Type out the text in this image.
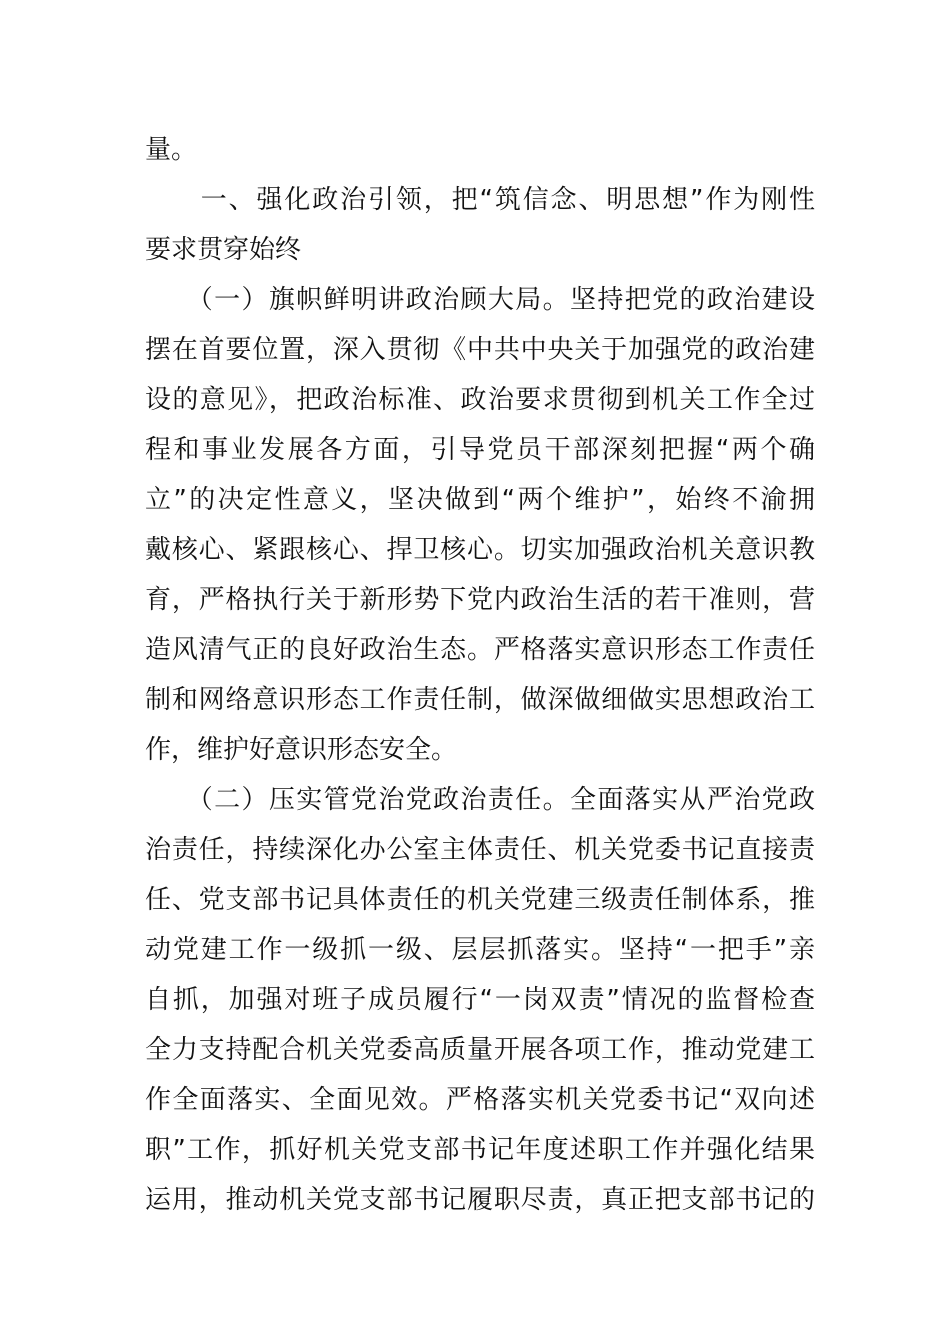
量。
　　一、强化政治引领，把“筑信念、明思想”作为刚性
要求贯穿始终
　　（一）旗帜鲜明讲政治顾大局。坚持把党的政治建设
摆在首要位置，深入贯彻《中共中央关于加强党的政治建
设的意见》，把政治标准、政治要求贯彻到机关工作全过
程和事业发展各方面，引导党员干部深刻把握“两个确
立”的决定性意义，坚决做到“两个维护”，始终不渝拥
戴核心、紧跟核心、捍卫核心。切实加强政治机关意识教
育，严格执行关于新形势下党内政治生活的若干准则，营
造风清气正的良好政治生态。严格落实意识形态工作责任
制和网络意识形态工作责任制，做深做细做实思想政治工
作，维护好意识形态安全。
　　（二）压实管党治党政治责任。全面落实从严治党政
治责任，持续深化办公室主体责任、机关党委书记直接责
任、党支部书记具体责任的机关党建三级责任制体系，推
动党建工作一级抓一级、层层抓落实。坚持“一把手”亲
自抓，加强对班子成员履行“一岗双责”情况的监督检查
全力支持配合机关党委高质量开展各项工作，推动党建工
作全面落实、全面见效。严格落实机关党委书记“双向述
职”工作，抓好机关党支部书记年度述职工作并强化结果
运用，推动机关党支部书记履职尽责，真正把支部书记的
